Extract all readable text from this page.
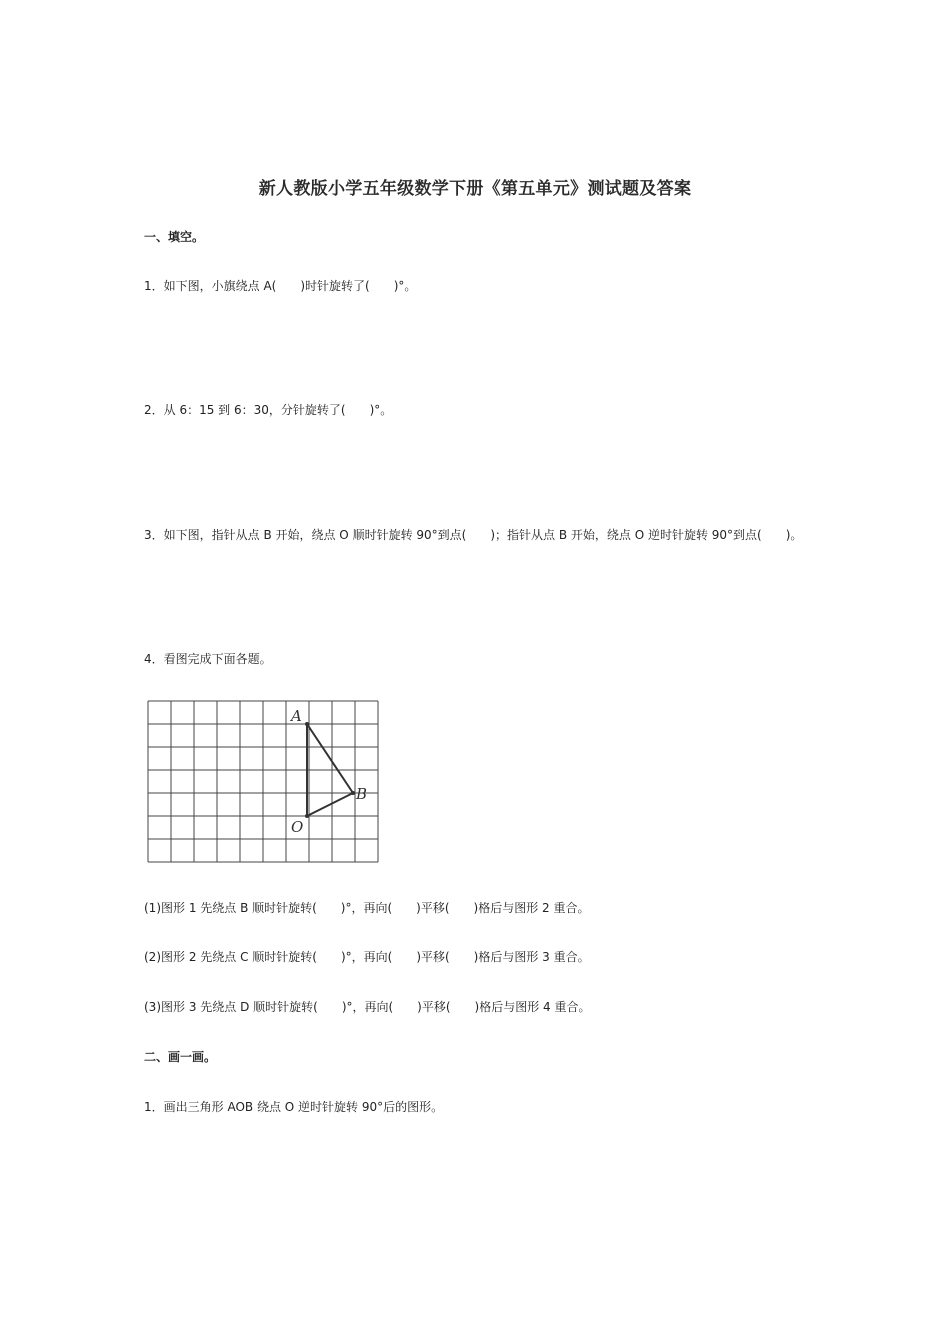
新人教版小学五年级数学下册《第五单元》测试题及答案
一、填空。
1．如下图，小旗绕点 A(　　)时针旋转了(　　)°。
2．从 6：15 到 6：30，分针旋转了(　　)°。
3．如下图，指针从点 B 开始，绕点 O 顺时针旋转 90°到点(　　)；指针从点 B 开始，绕点 O 逆时针旋转 90°到点(　　)。
4．看图完成下面各题。
A
B
O
(1)图形 1 先绕点 B 顺时针旋转(　　)°，再向(　　)平移(　　)格后与图形 2 重合。
(2)图形 2 先绕点 C 顺时针旋转(　　)°，再向(　　)平移(　　)格后与图形 3 重合。
(3)图形 3 先绕点 D 顺时针旋转(　　)°，再向(　　)平移(　　)格后与图形 4 重合。
二、画一画。
1．画出三角形 AOB 绕点 O 逆时针旋转 90°后的图形。
